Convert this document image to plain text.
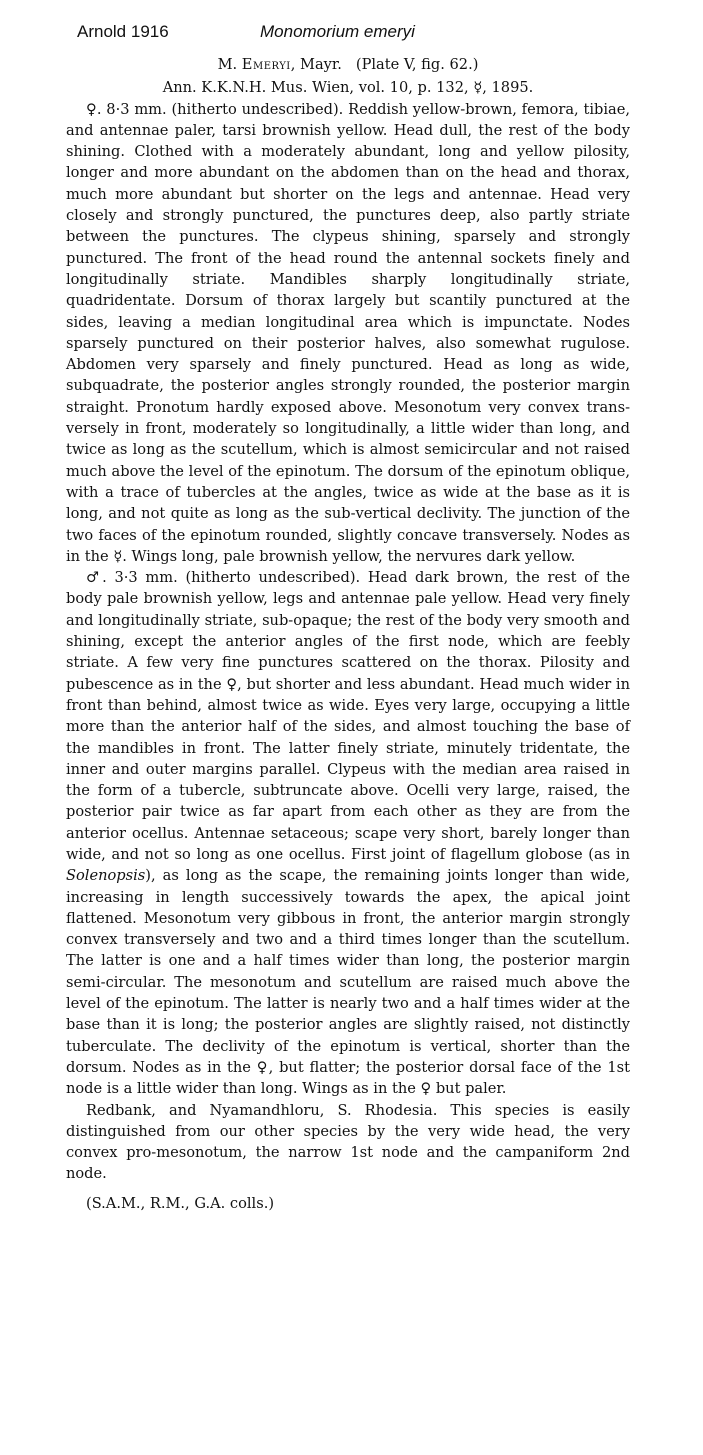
Arnold 1916	Monomorium emeryi

M. Emeryi, Mayr. (Plate V, fig. 62.)

Ann. K.K.N.H. Mus. Wien, vol. 10, p. 132, ☿, 1895.

♀. 8·3 mm. (hitherto undescribed). Reddish yellow-brown, femora, tibiae, and antennae paler, tarsi brownish yellow. Head dull, the rest of the body shining. Clothed with a moderately abundant, long and yellow pilosity, longer and more abundant on the abdomen than on the head and thorax, much more abundant but shorter on the legs and antennae. Head very closely and strongly punctured, the punctures deep, also partly striate between the punctures. The clypeus shining, sparsely and strongly punctured. The front of the head round the antennal sockets finely and longitudinally striate. Mandibles sharply longitudinally striate, quadridentate. Dorsum of thorax largely but scantily punctured at the sides, leaving a median longitudinal area which is impunctate. Nodes sparsely punctured on their posterior halves, also somewhat rugulose. Abdomen very sparsely and finely punctured. Head as long as wide, subquadrate, the posterior angles strongly rounded, the posterior margin straight. Pronotum hardly exposed above. Mesonotum very convex transversely in front, moderately so longitudinally, a little wider than long, and twice as long as the scutellum, which is almost semicircular and not raised much above the level of the epinotum. The dorsum of the epinotum oblique, with a trace of tubercles at the angles, twice as wide at the base as it is long, and not quite as long as the sub-vertical declivity. The junction of the two faces of the epinotum rounded, slightly concave transversely. Nodes as in the ☿. Wings long, pale brownish yellow, the nervures dark yellow.

♂. 3·3 mm. (hitherto undescribed). Head dark brown, the rest of the body pale brownish yellow, legs and antennae pale yellow. Head very finely and longitudinally striate, sub-opaque; the rest of the body very smooth and shining, except the anterior angles of the first node, which are feebly striate. A few very fine punctures scattered on the thorax. Pilosity and pubescence as in the ♀, but shorter and less abundant. Head much wider in front than behind, almost twice as wide. Eyes very large, occupying a little more than the anterior half of the sides, and almost touching the base of the mandibles in front. The latter finely striate, minutely tridentate, the inner and outer margins parallel. Clypeus with the median area raised in the form of a tubercle, subtruncate above. Ocelli very large, raised, the posterior pair twice as far apart from each other as they are from the anterior ocellus. Antennae setaceous; scape very short, barely longer than wide, and not so long as one ocellus. First joint of flagellum globose (as in Solenopsis), as long as the scape, the remaining joints longer than wide, increasing in length successively towards the apex, the apical joint flattened. Mesonotum very gibbous in front, the anterior margin strongly convex transversely and two and a third times longer than the scutellum. The latter is one and a half times wider than long, the posterior margin semi-circular. The mesonotum and scutellum are raised much above the level of the epinotum. The latter is nearly two and a half times wider at the base than it is long; the posterior angles are slightly raised, not distinctly tuberculate. The declivity of the epinotum is vertical, shorter than the dorsum. Nodes as in the ♀, but flatter; the posterior dorsal face of the 1st node is a little wider than long. Wings as in the ♀ but paler.

Redbank, and Nyamandhloru, S. Rhodesia. This species is easily distinguished from our other species by the very wide head, the very convex pro-mesonotum, the narrow 1st node and the campaniform 2nd node.

(S.A.M., R.M., G.A. colls.)
